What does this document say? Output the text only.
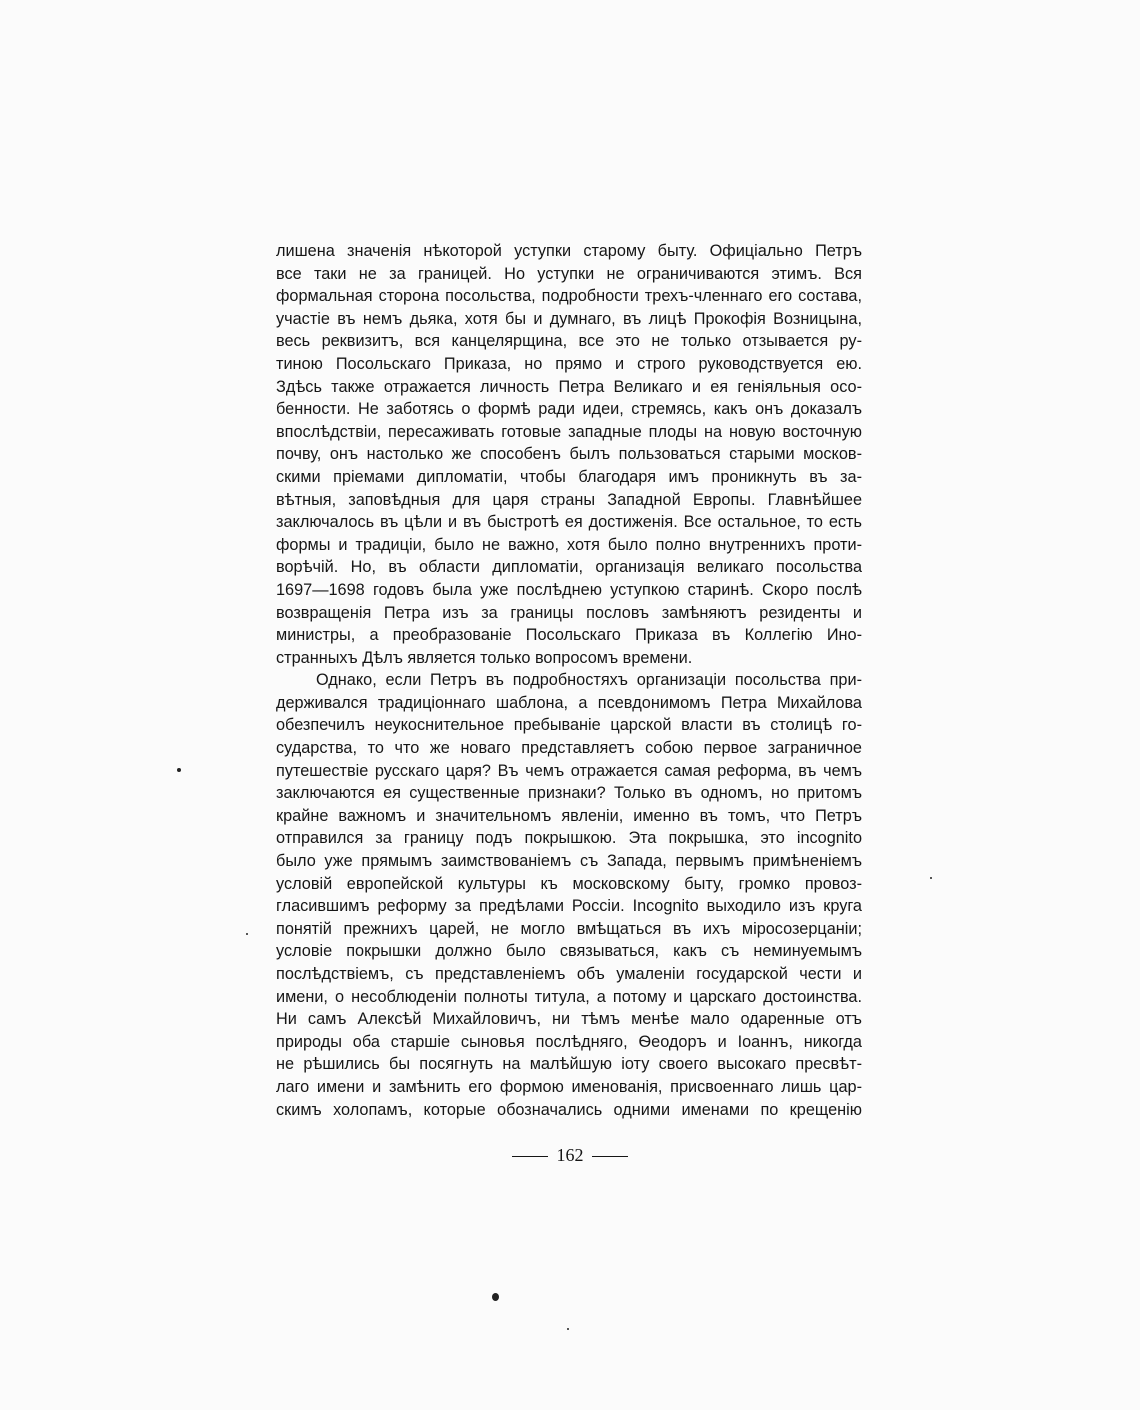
лишена значенія нѣкоторой уступки старому быту. Офиціально Петръ
все таки не за границей. Но уступки не ограничиваются этимъ. Вся
формальная сторона посольства, подробности трехъ-членнаго его состава,
участіе въ немъ дьяка, хотя бы и думнаго, въ лицѣ Прокофія Возницына,
весь реквизитъ, вся канцелярщина, все это не только отзывается ру-
тиною Посольскаго Приказа, но прямо и строго руководствуется ею.
Здѣсь также отражается личность Петра Великаго и ея геніяльныя осо-
бенности. Не заботясь о формѣ ради идеи, стремясь, какъ онъ доказалъ
впослѣдствіи, пересаживать готовые западные плоды на новую восточную
почву, онъ настолько же способенъ былъ пользоваться старыми москов-
скими пріемами дипломатіи, чтобы благодаря имъ проникнуть въ за-
вѣтныя, заповѣдныя для царя страны Западной Европы. Главнѣйшее
заключалось въ цѣли и въ быстротѣ ея достиженія. Все остальное, то есть
формы и традиціи, было не важно, хотя было полно внутреннихъ проти-
ворѣчій. Но, въ области дипломатіи, организація великаго посольства
1697—1698 годовъ была уже послѣднею уступкою старинѣ. Скоро послѣ
возвращенія Петра изъ за границы пословъ замѣняютъ резиденты и
министры, а преобразованіе Посольскаго Приказа въ Коллегію Ино-
странныхъ Дѣлъ является только вопросомъ времени.
Однако, если Петръ въ подробностяхъ организаціи посольства при-
держивался традиціоннаго шаблона, а псевдонимомъ Петра Михайлова
обезпечилъ неукоснительное пребываніе царской власти въ столицѣ го-
сударства, то что же новаго представляетъ собою первое заграничное
путешествіе русскаго царя? Въ чемъ отражается самая реформа, въ чемъ
заключаются ея существенные признаки? Только въ одномъ, но притомъ
крайне важномъ и значительномъ явленіи, именно въ томъ, что Петръ
отправился за границу подъ покрышкою. Эта покрышка, это incognito
было уже прямымъ заимствованіемъ съ Запада, первымъ примѣненіемъ
условій европейской культуры къ московскому быту, громко провоз-
гласившимъ реформу за предѣлами Россіи. Incognito выходило изъ круга
понятій прежнихъ царей, не могло вмѣщаться въ ихъ міросозерцаніи;
условіе покрышки должно было связываться, какъ съ неминуемымъ
послѣдствіемъ, съ представленіемъ объ умаленіи государской чести и
имени, о несоблюденіи полноты титула, а потому и царскаго достоинства.
Ни самъ Алексѣй Михайловичъ, ни тѣмъ менѣе мало одаренные отъ
природы оба старшіе сыновья послѣдняго, Ѳеодоръ и Іоаннъ, никогда
не рѣшились бы посягнуть на малѣйшую іоту своего высокаго пресвѣт-
лаго имени и замѣнить его формою именованія, присвоеннаго лишь цар-
скимъ холопамъ, которые обозначались одними именами по крещенію
162
